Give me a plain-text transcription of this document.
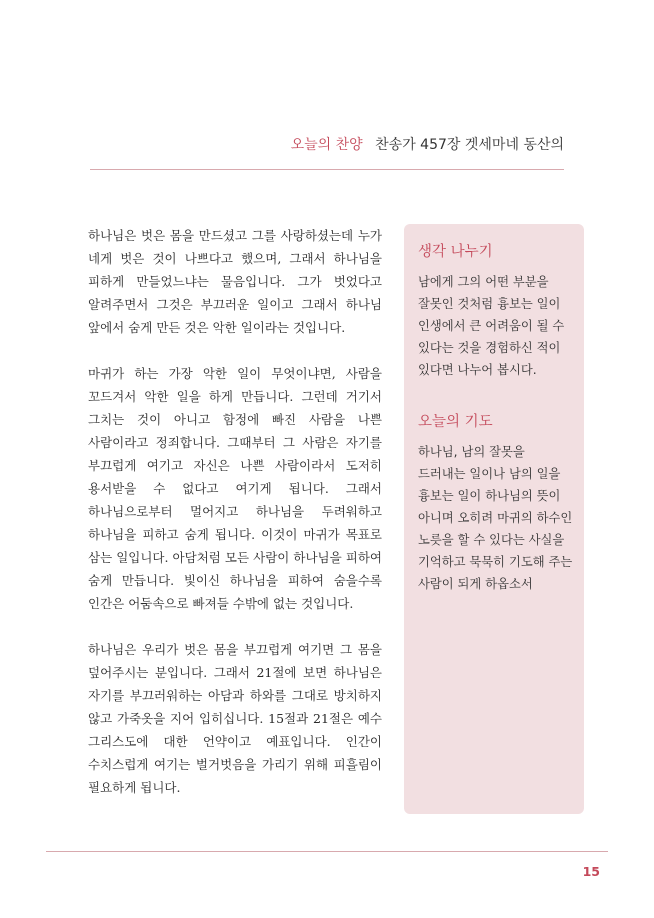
오늘의 찬양 찬송가 457장 겟세마네 동산의

하나님은 벗은 몸을 만드셨고 그를 사랑하셨는데 누가 네게 벗은 것이 나쁘다고 했으며, 그래서 하나님을 피하게 만들었느냐는 물음입니다. 그가 벗었다고 알려주면서 그것은 부끄러운 일이고 그래서 하나님 앞에서 숨게 만든 것은 악한 일이라는 것입니다.

마귀가 하는 가장 악한 일이 무엇이냐면, 사람을 꼬드겨서 악한 일을 하게 만듭니다. 그런데 거기서 그치는 것이 아니고 함정에 빠진 사람을 나쁜 사람이라고 정죄합니다. 그때부터 그 사람은 자기를 부끄럽게 여기고 자신은 나쁜 사람이라서 도저히 용서받을 수 없다고 여기게 됩니다. 그래서 하나님으로부터 멀어지고 하나님을 두려워하고 하나님을 피하고 숨게 됩니다. 이것이 마귀가 목표로 삼는 일입니다. 아담처럼 모든 사람이 하나님을 피하여 숨게 만듭니다. 빛이신 하나님을 피하여 숨을수록 인간은 어둠속으로 빠져들 수밖에 없는 것입니다.

하나님은 우리가 벗은 몸을 부끄럽게 여기면 그 몸을 덮어주시는 분입니다. 그래서 21절에 보면 하나님은 자기를 부끄러워하는 아담과 하와를 그대로 방치하지 않고 가죽옷을 지어 입히십니다. 15절과 21절은 예수 그리스도에 대한 언약이고 예표입니다. 인간이 수치스럽게 여기는 벌거벗음을 가리기 위해 피흘림이 필요하게 됩니다.

생각 나누기
남에게 그의 어떤 부분을 잘못인 것처럼 흉보는 일이 인생에서 큰 어려움이 될 수 있다는 것을 경험하신 적이 있다면 나누어 봅시다.
오늘의 기도
하나님, 남의 잘못을 드러내는 일이나 남의 일을 흉보는 일이 하나님의 뜻이 아니며 오히려 마귀의 하수인 노릇을 할 수 있다는 사실을 기억하고 묵묵히 기도해 주는 사람이 되게 하옵소서
15
